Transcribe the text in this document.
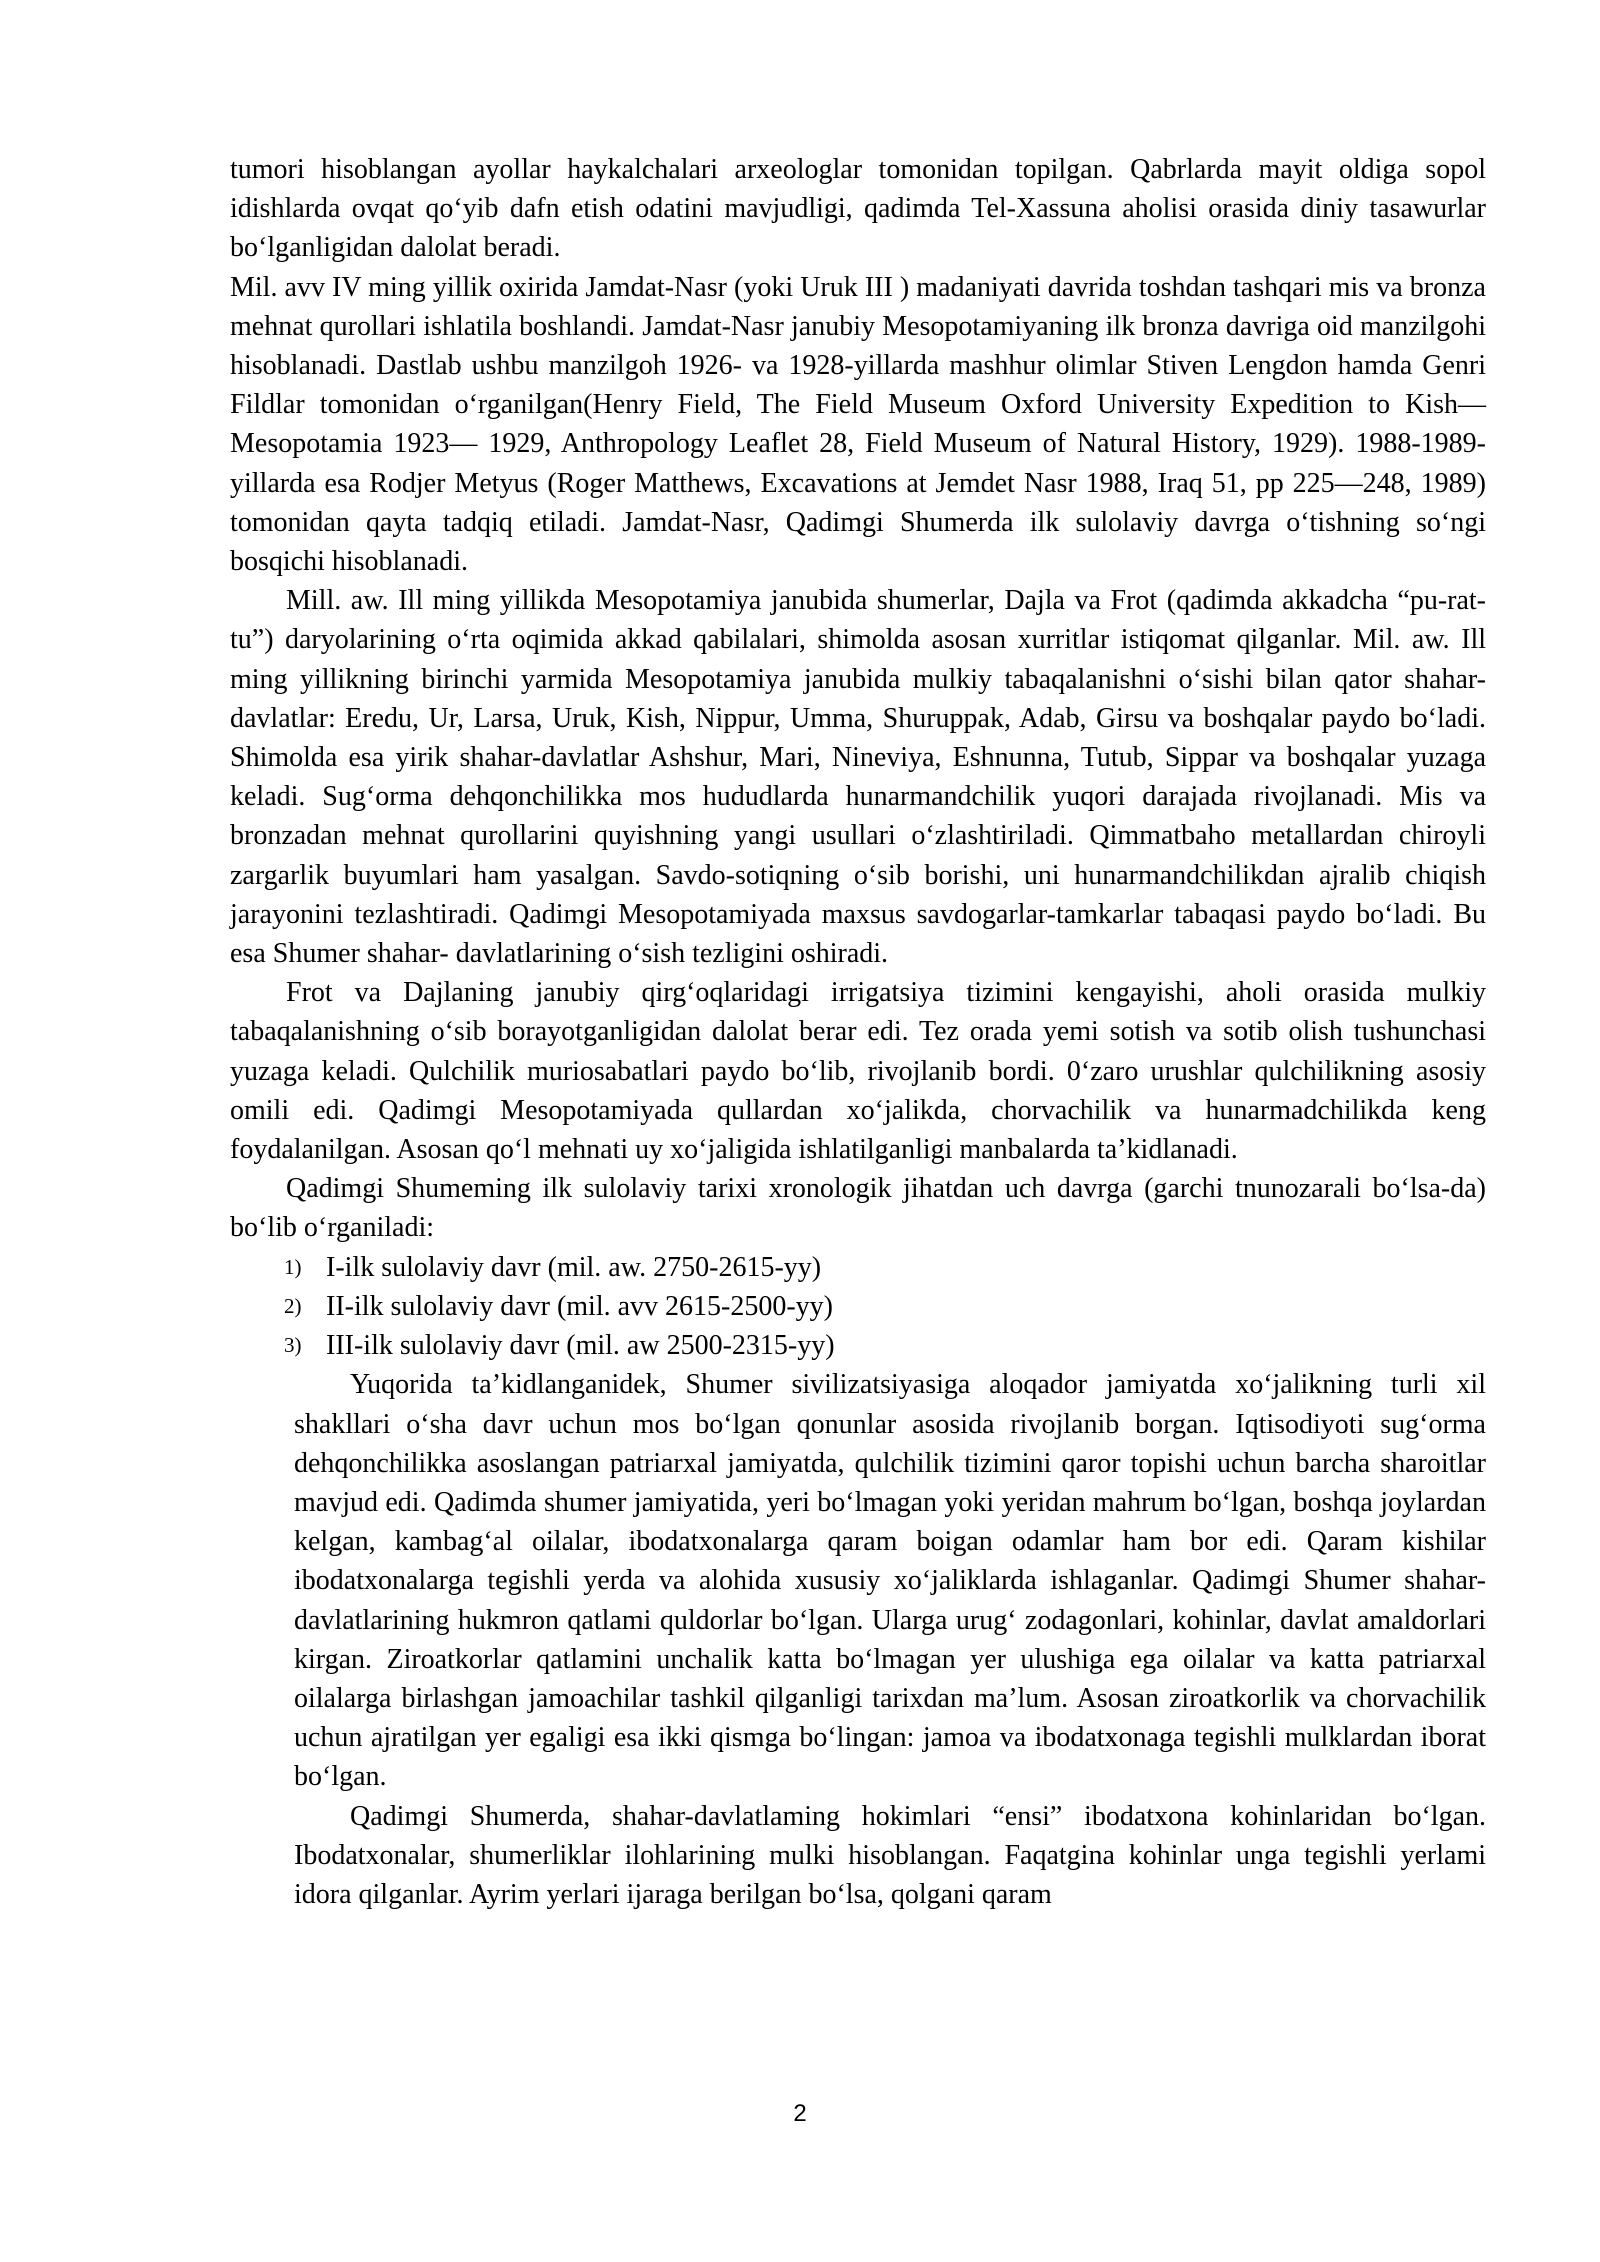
tumori hisoblangan ayollar haykalchalari arxeologlar tomonidan topilgan. Qabrlarda mayit oldiga sopol idishlarda ovqat qo‘yib dafn etish odatini mavjudligi, qadimda Tel-Xassuna aholisi orasida diniy tasawurlar bo‘lganligidan dalolat beradi.

Mil. avv IV ming yillik oxirida Jamdat-Nasr (yoki Uruk III ) madaniyati davrida toshdan tashqari mis va bronza mehnat qurollari ishlatila boshlandi. Jamdat-Nasr janubiy Mesopotamiyaning ilk bronza davriga oid manzilgohi hisoblanadi. Dastlab ushbu manzilgoh 1926- va 1928-yillarda mashhur olimlar Stiven Lengdon hamda Genri Fildlar tomonidan o‘rganilgan(Henry Field, The Field Museum Oxford University Expedition to Kish— Mesopotamia 1923— 1929, Anthropology Leaflet 28, Field Museum of Natural History, 1929). 1988-1989-yillarda esa Rodjer Metyus (Roger Matthews, Excavations at Jemdet Nasr 1988, Iraq 51, pp 225—248, 1989) tomonidan qayta tadqiq etiladi. Jamdat-Nasr, Qadimgi Shumerda ilk sulolaviy davrga o‘tishning so‘ngi bosqichi hisoblanadi.

Mill. aw. Ill ming yillikda Mesopotamiya janubida shumerlar, Dajla va Frot (qadimda akkadcha “pu-rat-tu”) daryolarining o‘rta oqimida akkad qabilalari, shimolda asosan xurritlar istiqomat qilganlar. Mil. aw. Ill ming yillikning birinchi yarmida Mesopotamiya janubida mulkiy tabaqalanishni o‘sishi bilan qator shahar-davlatlar: Eredu, Ur, Larsa, Uruk, Kish, Nippur, Umma, Shuruppak, Adab, Girsu va boshqalar paydo bo‘ladi. Shimolda esa yirik shahar-davlatlar Ashshur, Mari, Nineviya, Eshnunna, Tutub, Sippar va boshqalar yuzaga keladi. Sug‘orma dehqonchilikka mos hududlarda hunarmandchilik yuqori darajada rivojlanadi. Mis va bronzadan mehnat qurollarini quyishning yangi usullari o‘zlashtiriladi. Qimmatbaho metallardan chiroyli zargarlik buyumlari ham yasalgan. Savdo-sotiqning o‘sib borishi, uni hunarmandchilikdan ajralib chiqish jarayonini tezlashtiradi. Qadimgi Mesopotamiyada maxsus savdogarlar-tamkarlar tabaqasi paydo bo‘ladi. Bu esa Shumer shahar- davlatlarining o‘sish tezligini oshiradi.

Frot va Dajlaning janubiy qirg‘oqlaridagi irrigatsiya tizimini kengayishi, aholi orasida mulkiy tabaqalanishning o‘sib borayotganligidan dalolat berar edi. Tez orada yemi sotish va sotib olish tushunchasi yuzaga keladi. Qulchilik muriosabatlari paydo bo‘lib, rivojlanib bordi. 0‘zaro urushlar qulchilikning asosiy omili edi. Qadimgi Mesopotamiyada qullardan xo‘jalikda, chorvachilik va hunarmadchilikda keng foydalanilgan. Asosan qo‘l mehnati uy xo‘jaligida ishlatilganligi manbalarda ta’kidlanadi.

Qadimgi Shumeming ilk sulolaviy tarixi xronologik jihatdan uch davrga (garchi tnunozarali bo‘lsa-da) bo‘lib o‘rganiladi:

1) I-ilk sulolaviy davr (mil. aw. 2750-2615-yy)
2) II-ilk sulolaviy davr (mil. avv 2615-2500-yy)
3) III-ilk sulolaviy davr (mil. aw 2500-2315-yy)

Yuqorida ta’kidlanganidek, Shumer sivilizatsiyasiga aloqador jamiyatda xo‘jalikning turli xil shakllari o‘sha davr uchun mos bo‘lgan qonunlar asosida rivojlanib borgan. Iqtisodiyoti sug‘orma dehqonchilikka asoslangan patriarxal jamiyatda, qulchilik tizimini qaror topishi uchun barcha sharoitlar mavjud edi. Qadimda shumer jamiyatida, yeri bo‘lmagan yoki yeridan mahrum bo‘lgan, boshqa joylardan kelgan, kambag‘al oilalar, ibodatxonalarga qaram boigan odamlar ham bor edi. Qaram kishilar ibodatxonalarga tegishli yerda va alohida xususiy xo‘jaliklarda ishlaganlar. Qadimgi Shumer shahar- davlatlarining hukmron qatlami quldorlar bo‘lgan. Ularga urug‘ zodagonlari, kohinlar, davlat amaldorlari kirgan. Ziroatkorlar qatlamini unchalik katta bo‘lmagan yer ulushiga ega oilalar va katta patriarxal oilalarga birlashgan jamoachilar tashkil qilganligi tarixdan ma’lum. Asosan ziroatkorlik va chorvachilik uchun ajratilgan yer egaligi esa ikki qismga bo‘lingan: jamoa va ibodatxonaga tegishli mulklardan iborat bo‘lgan.

Qadimgi Shumerda, shahar-davlatlaming hokimlari “ensi” ibodatxona kohinlaridan bo‘lgan. Ibodatxonalar, shumerliklar ilohlarining mulki hisoblangan. Faqatgina kohinlar unga tegishli yerlami idora qilganlar. Ayrim yerlari ijaraga berilgan bo‘lsa, qolgani qaram

2
